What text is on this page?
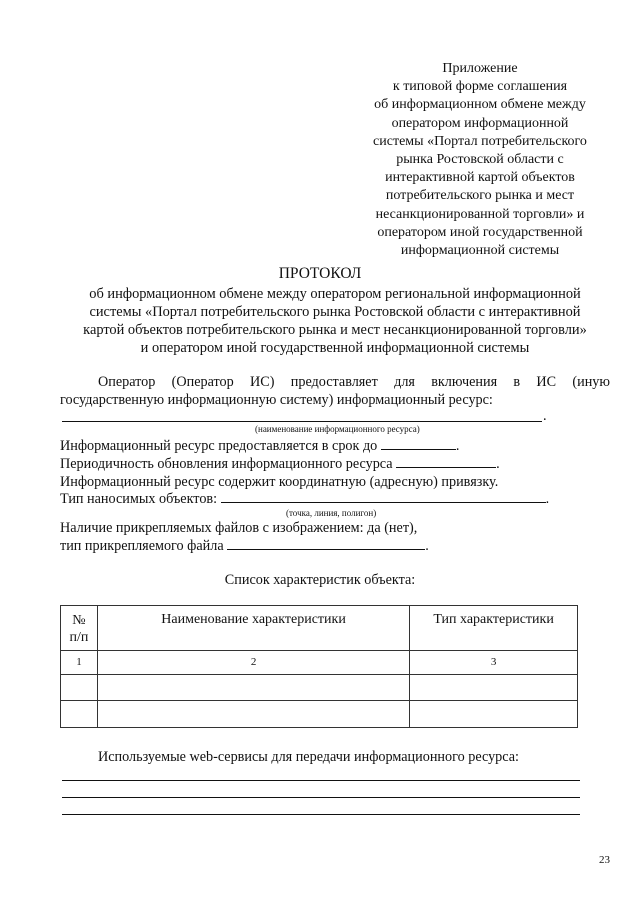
Приложение
к типовой форме соглашения
об информационном обмене между
оператором информационной
системы «Портал потребительского
рынка Ростовской области с
интерактивной картой объектов
потребительского рынка и мест
несанкционированной торговли» и
оператором иной государственной
информационной системы
ПРОТОКОЛ
об информационном обмене между оператором региональной информационной
системы «Портал потребительского рынка Ростовской области с интерактивной
картой объектов потребительского рынка и мест несанкционированной торговли»
и оператором иной государственной информационной системы
Оператор (Оператор ИС) предоставляет для включения в ИС (иную
государственную информационную систему) информационный ресурс:
.
(наименование информационного ресурса)
Информационный ресурс предоставляется в срок до	.
Периодичность обновления информационного ресурса	.
Информационный ресурс содержит координатную (адресную) привязку.
Тип наносимых объектов:	.
(точка, линия, полигон)
Наличие прикрепляемых файлов с изображением: да (нет),
тип прикрепляемого файла	.
Список характеристик объекта:
№ п/п	Наименование характеристики	Тип характеристики
1	2	3

Используемые web-сервисы для передачи информационного ресурса:
23
